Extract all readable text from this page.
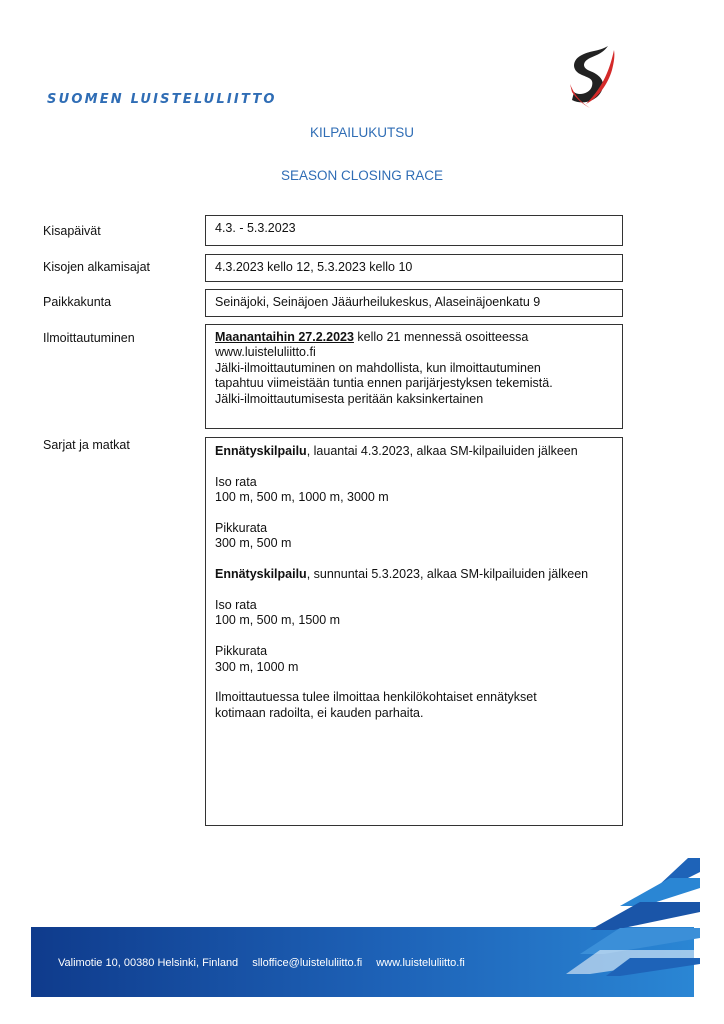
SUOMEN LUISTELULIITTO
KILPAILUKUTSU
SEASON CLOSING RACE
Kisapäivät	4.3. - 5.3.2023

Kisojen alkamisajat	4.3.2023 kello 12, 5.3.2023 kello 10

Paikkakunta	Seinäjoki, Seinäjoen Jääurheilukeskus, Alaseinäjoenkatu 9

Ilmoittautuminen	Maanantaihin 27.2.2023 kello 21 mennessä osoitteessa

www.luisteluliitto.fi

Jälki-ilmoittautuminen on mahdollista, kun ilmoittautuminen

tapahtuu viimeistään tuntia ennen parijärjestyksen tekemistä.

Jälki-ilmoittautumisesta peritään kaksinkertainen

Sarjat ja matkat	Ennätyskilpailu, lauantai 4.3.2023, alkaa SM-kilpailuiden jälkeen

Iso rata

100 m, 500 m, 1000 m, 3000 m

Pikkurata

300 m, 500 m

Ennätyskilpailu, sunnuntai 5.3.2023, alkaa SM-kilpailuiden jälkeen

Iso rata

100 m, 500 m, 1500 m

Pikkurata

300 m, 1000 m

Ilmoittautuessa tulee ilmoittaa henkilökohtaiset ennätykset

kotimaan radoilta, ei kauden parhaita.

Valimotie 10, 00380 Helsinki, Finland slloffice@luisteluliitto.fi www.luisteluliitto.fi
